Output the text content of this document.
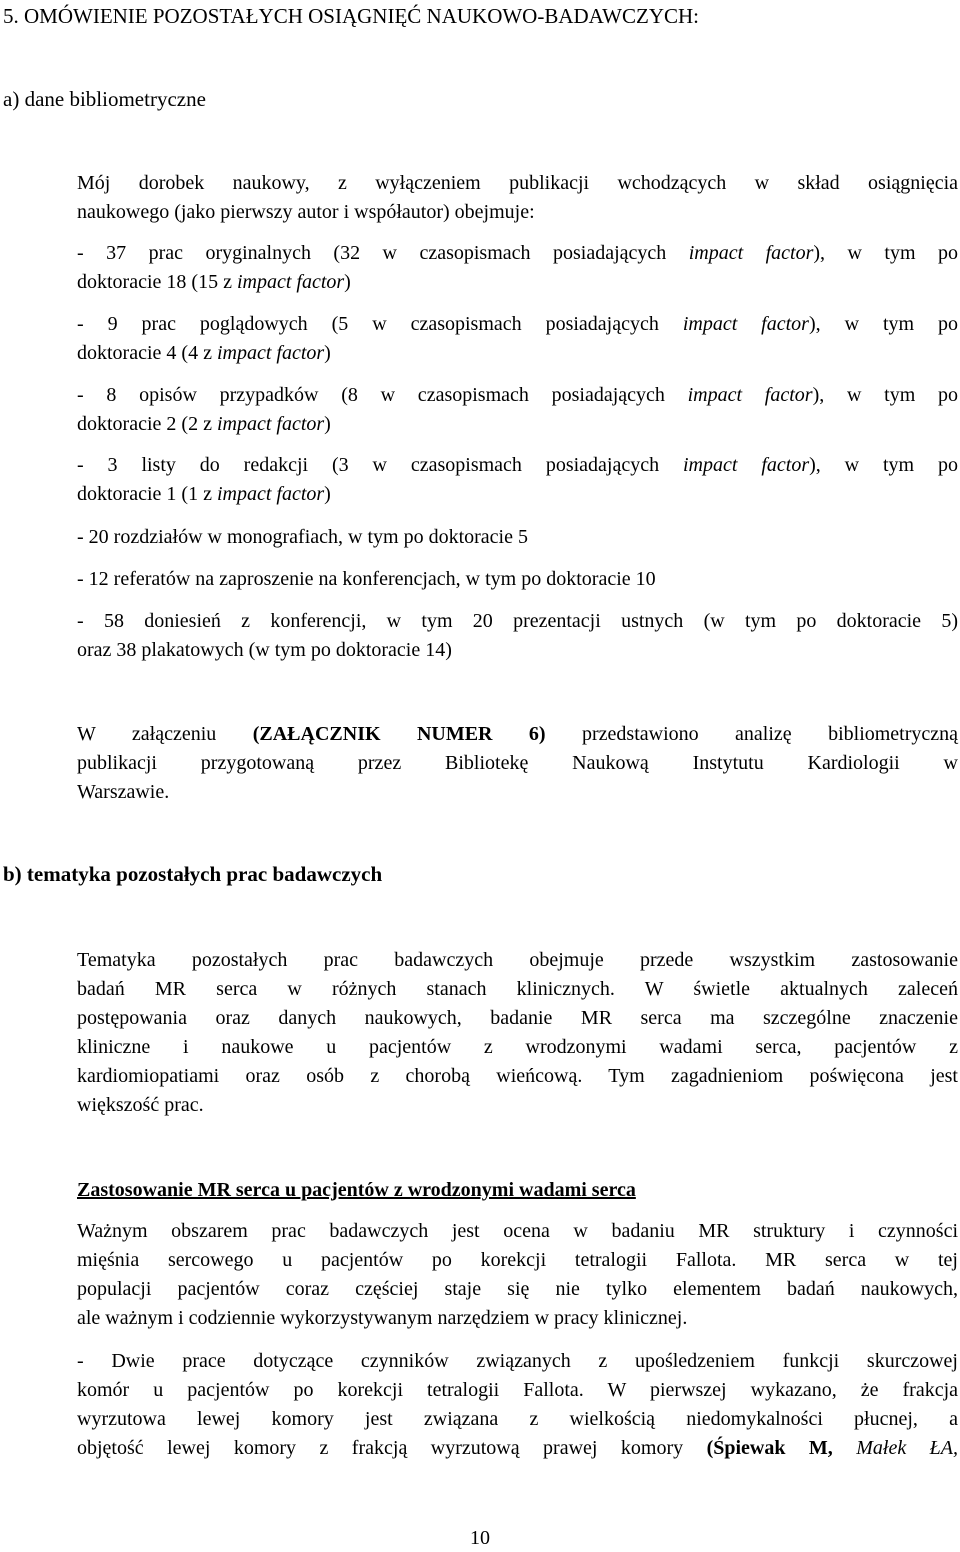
5. OMÓWIENIE POZOSTAŁYCH OSIĄGNIĘĆ NAUKOWO-BADAWCZYCH:
a) dane bibliometryczne
Mój dorobek naukowy, z wyłączeniem publikacji wchodzących w skład osiągnięcia
naukowego (jako pierwszy autor i współautor) obejmuje:
- 37 prac oryginalnych (32 w czasopismach posiadających impact factor), w tym po
doktoracie 18 (15 z impact factor)
- 9 prac poglądowych (5 w czasopismach posiadających impact factor), w tym po
doktoracie 4 (4 z impact factor)
- 8 opisów przypadków (8 w czasopismach posiadających impact factor), w tym po
doktoracie 2 (2 z impact factor)
- 3 listy do redakcji (3 w czasopismach posiadających impact factor), w tym po
doktoracie 1 (1 z impact factor)
- 20 rozdziałów w monografiach, w tym po doktoracie 5
- 12 referatów na zaproszenie na konferencjach, w tym po doktoracie 10
- 58 doniesień z konferencji, w tym 20 prezentacji ustnych (w tym po doktoracie 5)
oraz 38 plakatowych (w tym po doktoracie 14)
W załączeniu (ZAŁĄCZNIK NUMER 6) przedstawiono analizę bibliometryczną
publikacji przygotowaną przez Bibliotekę Naukową Instytutu Kardiologii w
Warszawie.
b) tematyka pozostałych prac badawczych
Tematyka pozostałych prac badawczych obejmuje przede wszystkim zastosowanie
badań MR serca w różnych stanach klinicznych. W świetle aktualnych zaleceń
postępowania oraz danych naukowych, badanie MR serca ma szczególne znaczenie
kliniczne i naukowe u pacjentów z wrodzonymi wadami serca, pacjentów z
kardiomiopatiami oraz osób z chorobą wieńcową. Tym zagadnieniom poświęcona jest
większość prac.
Zastosowanie MR serca u pacjentów z wrodzonymi wadami serca
Ważnym obszarem prac badawczych jest ocena w badaniu MR struktury i czynności
mięśnia sercowego u pacjentów po korekcji tetralogii Fallota. MR serca w tej
populacji pacjentów coraz częściej staje się nie tylko elementem badań naukowych,
ale ważnym i codziennie wykorzystywanym narzędziem w pracy klinicznej.
- Dwie prace dotyczące czynników związanych z upośledzeniem funkcji skurczowej
komór u pacjentów po korekcji tetralogii Fallota. W pierwszej wykazano, że frakcja
wyrzutowa lewej komory jest związana z wielkością niedomykalności płucnej, a
objętość lewej komory z frakcją wyrzutową prawej komory (Śpiewak M, Małek ŁA,
10
